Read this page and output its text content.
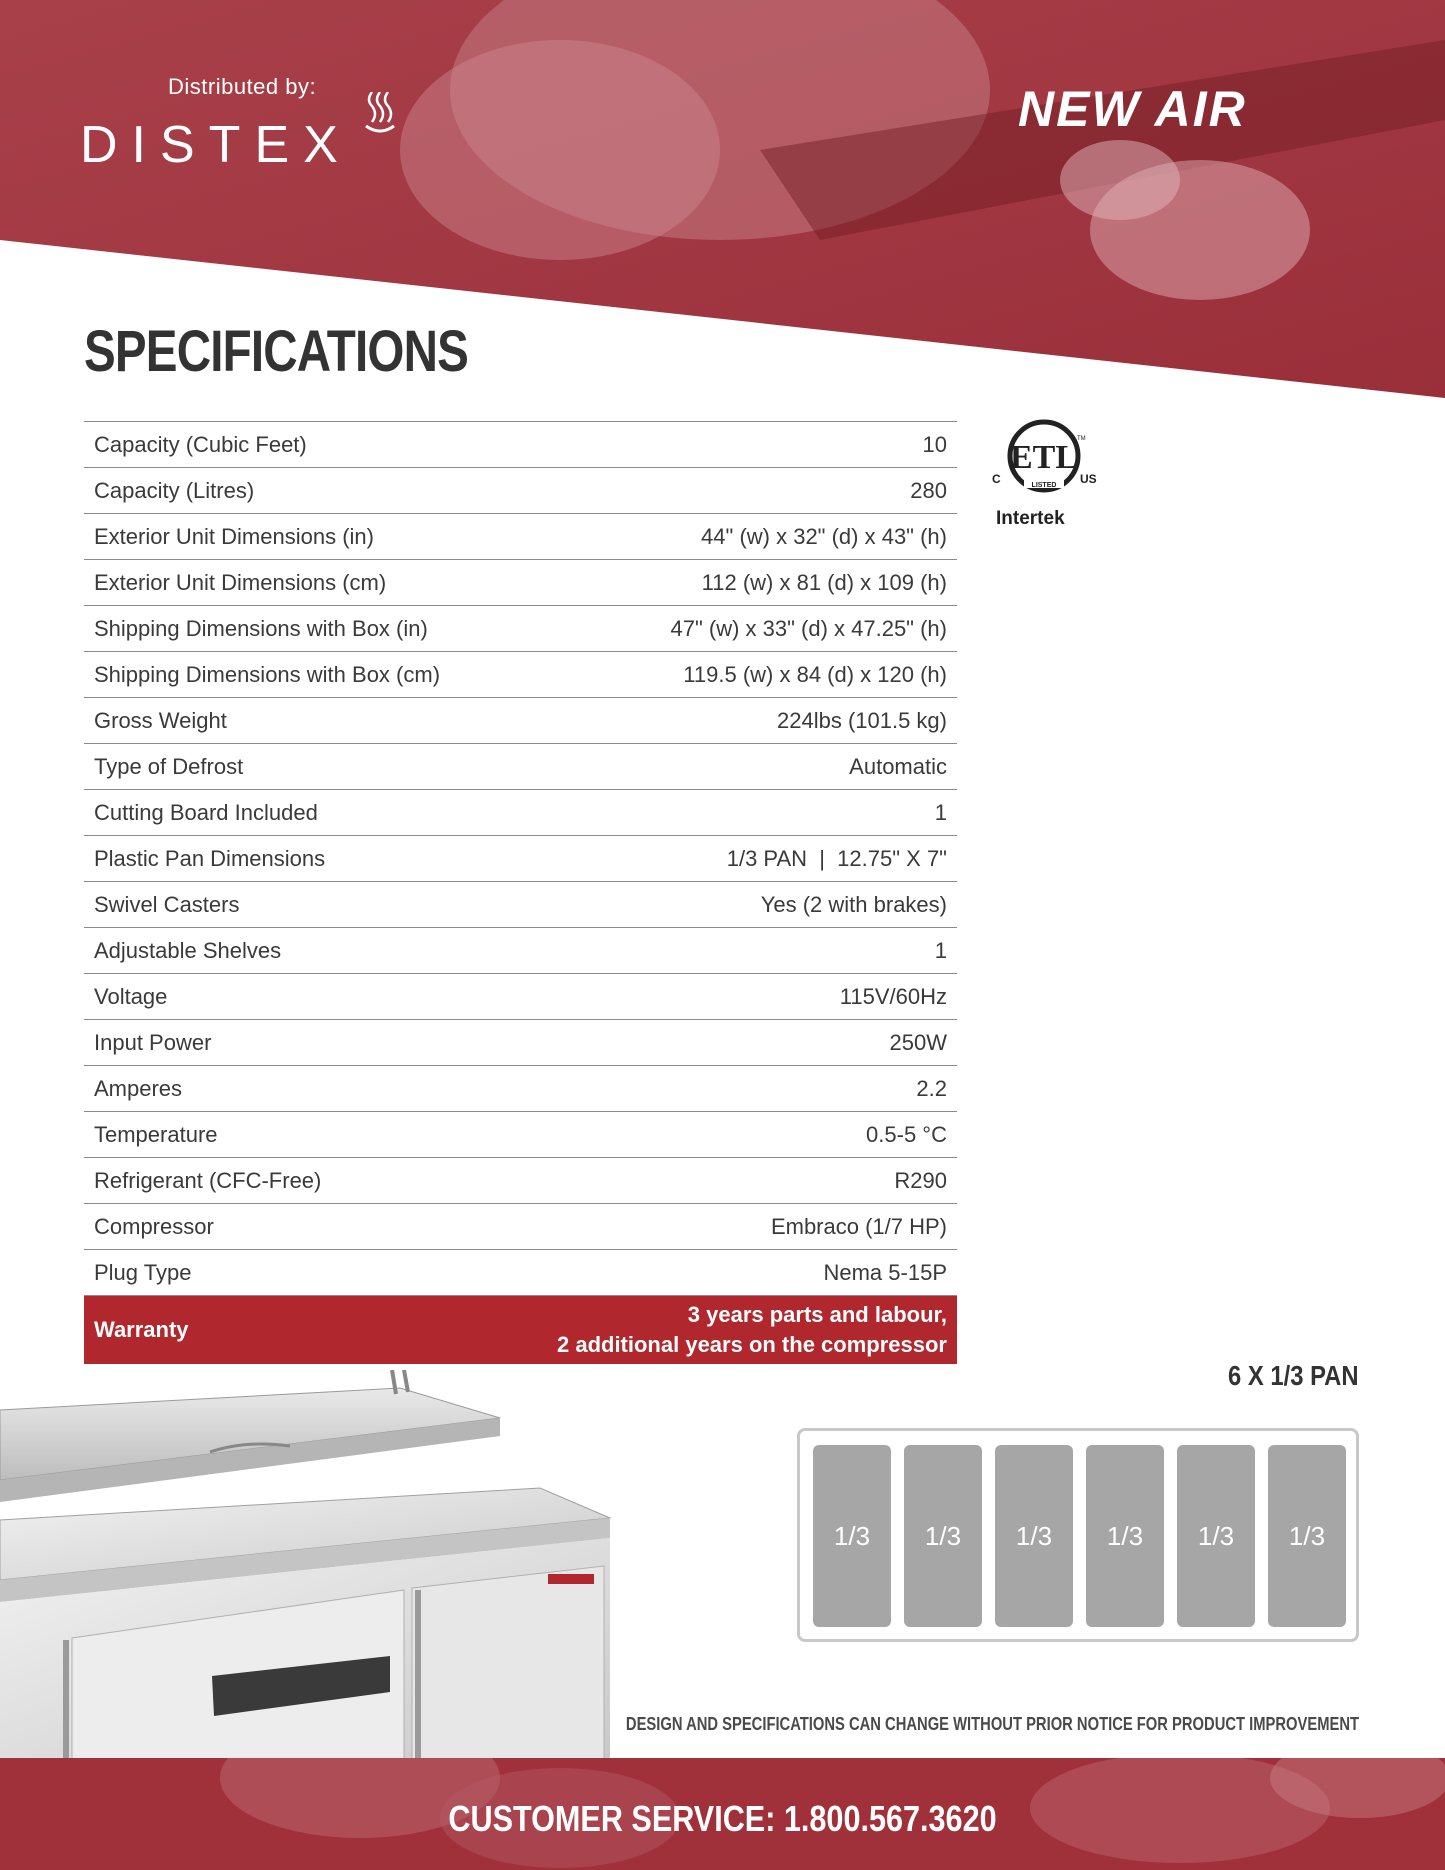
Distributed by:
DISTEX
NEW AIR
SPECIFICATIONS
Capacity (Cubic Feet)	10
Capacity (Litres)	280
Exterior Unit Dimensions (in)	44" (w) x 32" (d) x 43" (h)
Exterior Unit Dimensions (cm)	112 (w) x 81 (d) x 109 (h)
Shipping Dimensions with Box (in)	47" (w) x 33" (d) x 47.25" (h)
Shipping Dimensions with Box (cm)	119.5 (w) x 84 (d) x 120 (h)
Gross Weight	224lbs (101.5 kg)
Type of Defrost	Automatic
Cutting Board Included	1
Plastic Pan Dimensions	1/3 PAN  |  12.75" X 7"
Swivel Casters	Yes (2 with brakes)
Adjustable Shelves	1
Voltage	115V/60Hz
Input Power	250W
Amperes	2.2
Temperature	0.5-5 °C
Refrigerant (CFC-Free)	R290
Compressor	Embraco (1/7 HP)
Plug Type	Nema 5-15P
Warranty
3 years parts and labour,
2 additional years on the compressor
ETL
LISTED
TM
C	US
Intertek
6 X 1/3 PAN
1/3	1/3	1/3	1/3	1/3	1/3
DESIGN AND SPECIFICATIONS CAN CHANGE WITHOUT PRIOR NOTICE FOR PRODUCT IMPROVEMENT
CUSTOMER SERVICE: 1.800.567.3620
